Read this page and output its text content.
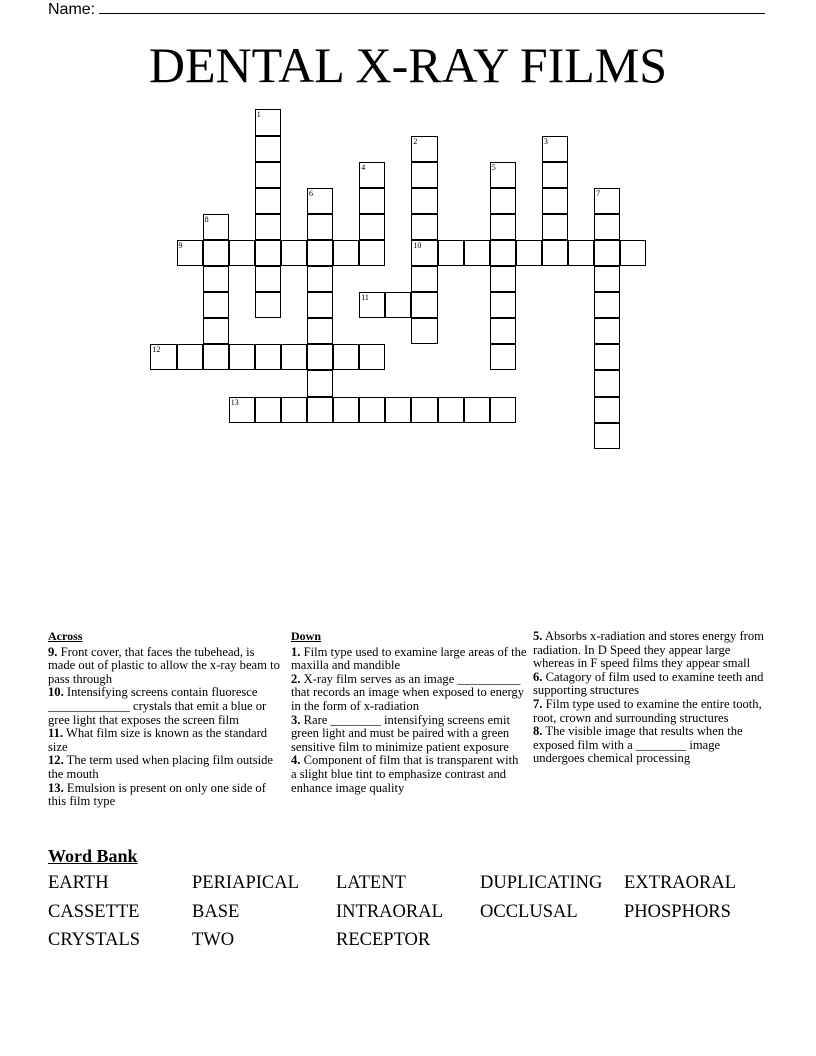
Name:
DENTAL X-RAY FILMS
1
2
10
3
4	5
6	7
8
9
11
12
13
Across
9. Front cover, that faces the tubehead, is made out of plastic to allow the x-ray beam to pass through
10. Intensifying screens contain fluoresce _____________ crystals that emit a blue or gree light that exposes the screen film
11. What film size is known as the standard size
12. The term used when placing film outside the mouth
13. Emulsion is present on only one side of this film type
Down
1. Film type used to examine large areas of the maxilla and mandible
2. X-ray film serves as an image __________ that records an image when exposed to energy in the form of x-radiation
3. Rare ________ intensifying screens emit green light and must be paired with a green sensitive film to minimize patient exposure
4. Component of film that is transparent with a slight blue tint to emphasize contrast and enhance image quality
5. Absorbs x-radiation and stores energy from radiation. In D Speed they appear large whereas in F speed films they appear small
6. Catagory of film used to examine teeth and supporting structures
7. Film type used to examine the entire tooth, root, crown and surrounding structures
8. The visible image that results when the exposed film with a ________ image undergoes chemical processing
Word Bank
EARTH	PERIAPICAL LATENT	DUPLICATING EXTRAORAL
CASSETTE	BASE	INTRAORAL OCCLUSAL	PHOSPHORS
CRYSTALS	TWO	RECEPTOR
